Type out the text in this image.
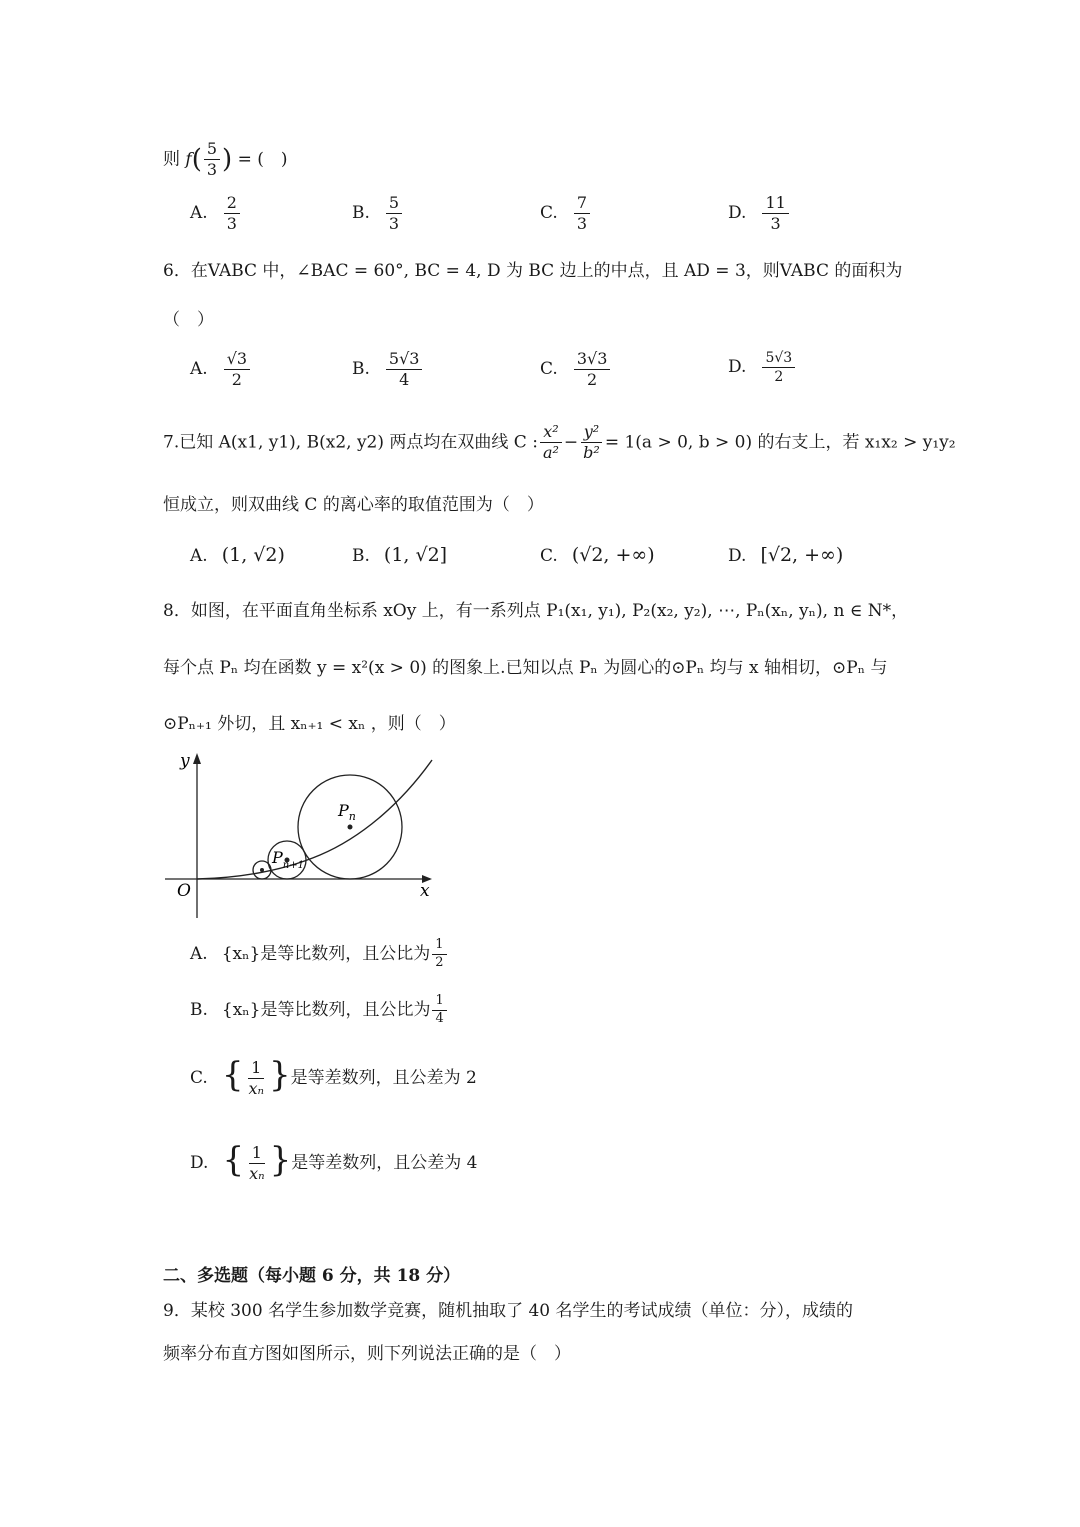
则 $f( \frac{5}{3}$ ) = (　)
A. $\frac{2}{3}$	B. $\frac{5}{3}$	C. $\frac{7}{3}$	D. $\frac{11}{3}$
6．在VABC 中，∠BAC = 60°, BC = 4, D 为 BC 边上的中点，且 AD = 3，则VABC 的面积为
（　）
A. $\frac{√3}{2}$	B. $\frac{5√3}{4}$	C. $\frac{3√3}{2}$	D. $\frac{5√3}{2}$
7.已知 A(x1, y1), B(x2, y2) 两点均在双曲线 C : $\frac{\text{x²}}{\text{a²}} - \frac{\text{y²}}{\text{b²}} = 1(a > 0$, b > 0) 的右支上，若 x₁x₂ > y₁y₂
恒成立，则双曲线 C 的离心率的取值范围为（　）
A. (1, √2)	B. (1, √2]	C. (√2, +∞)	D. [√2, +∞)
8．如图，在平面直角坐标系 xOy 上，有一系列点 P₁(x₁, y₁), P₂(x₂, y₂), ⋯, Pₙ(xₙ, yₙ), n ∈ N*，
每个点 Pₙ 均在函数 y = x²(x > 0) 的图象上.已知以点 Pₙ 为圆心的⊙Pₙ 均与 x 轴相切，⊙Pₙ 与
⊙Pₙ₊₁ 外切，且 xₙ₊₁ < xₙ ，则（　）
y
x
O
$P_n$
$P_{n+1}$
A. {xₙ}是等比数列，且公比为 $\frac{1}{2}$
B. {xₙ}是等比数列，且公比为 $\frac{1}{4}$
C. { $\frac{1}{\text{xₙ}}$ }是等差数列，且公差为 2
D. { $\frac{1}{\text{xₙ}}$ }是等差数列，且公差为 4
二、多选题（每小题 6 分，共 18 分）
9．某校 300 名学生参加数学竞赛，随机抽取了 40 名学生的考试成绩（单位：分），成绩的
频率分布直方图如图所示，则下列说法正确的是（　）
